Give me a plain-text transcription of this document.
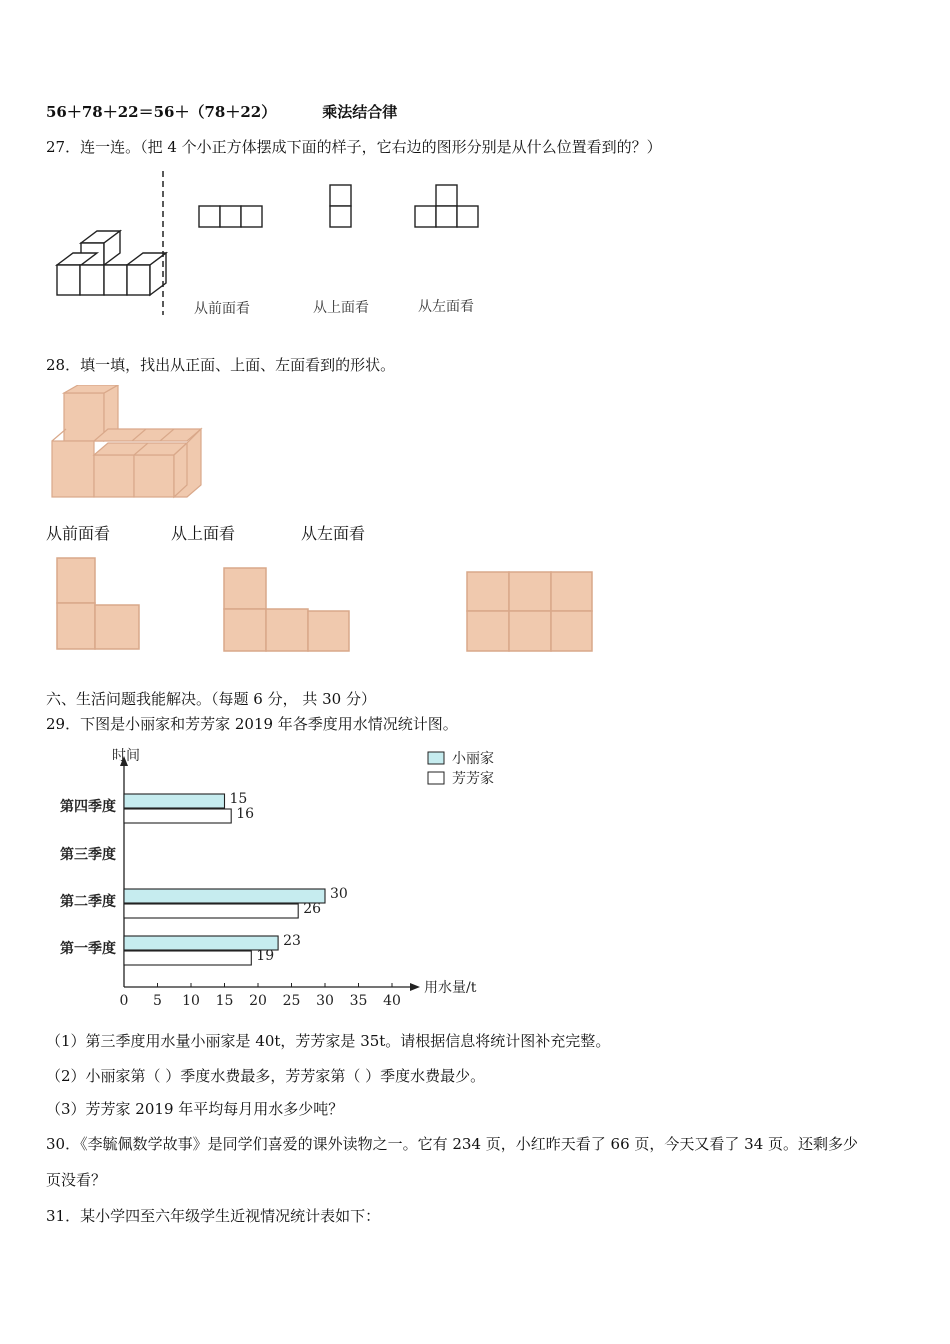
56＋78＋22＝56＋（78＋22）	乘法结合律
27．连一连。（把 4 个小正方体摆成下面的样子，它右边的图形分别是从什么位置看到的？）
从前面看	从上面看	从左面看
28．填一填，找出从正面、上面、左面看到的形状。
从前面看	从上面看	从左面看
六、生活问题我能解决。（每题 6 分， 共 30 分）
29．下图是小丽家和芳芳家 2019 年各季度用水情况统计图。
时间
用水量/t
0 5 10 15 20 25 30 35 40
第四季度	15
16
第三季度
第二季度	30
26
第一季度	23
19
小丽家
芳芳家
（1）第三季度用水量小丽家是 40t，芳芳家是 35t。请根据信息将统计图补充完整。
（2）小丽家第（ ）季度水费最多，芳芳家第（ ）季度水费最少。
（3）芳芳家 2019 年平均每月用水多少吨？
30．《李毓佩数学故事》是同学们喜爱的课外读物之一。它有 234 页，小红昨天看了 66 页，今天又看了 34 页。还剩多少
页没看？
31．某小学四至六年级学生近视情况统计表如下：
